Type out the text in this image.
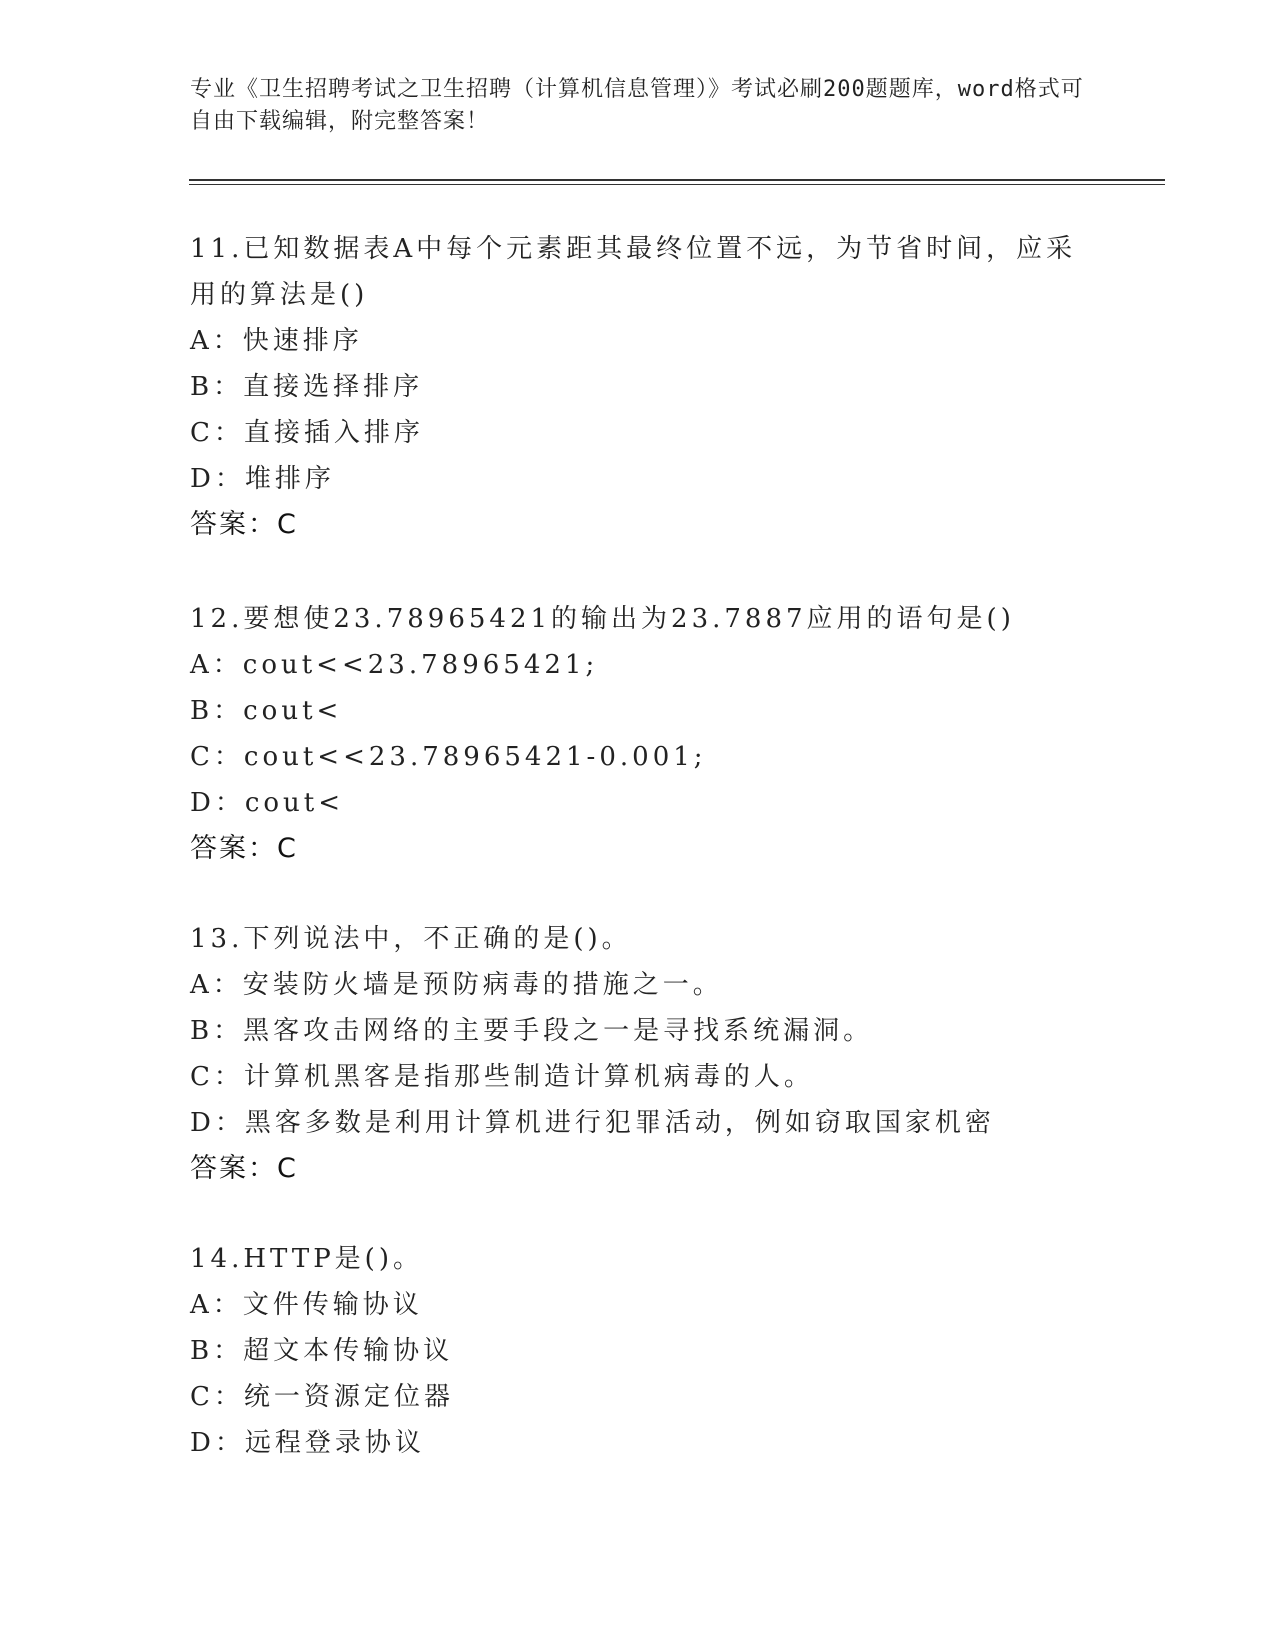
专业《卫生招聘考试之卫生招聘（计算机信息管理）》考试必刷200题题库，word格式可自由下载编辑，附完整答案！

11.已知数据表A中每个元素距其最终位置不远，为节省时间，应采用的算法是()

A：快速排序

B：直接选择排序

C：直接插入排序

D：堆排序

答案：C

12.要想使23.78965421的输出为23.7887应用的语句是()

A：cout<<23.78965421;

B：cout<

C：cout<<23.78965421-0.001;

D：cout<

答案：C

13.下列说法中，不正确的是()。

A：安装防火墙是预防病毒的措施之一。

B：黑客攻击网络的主要手段之一是寻找系统漏洞。

C：计算机黑客是指那些制造计算机病毒的人。

D：黑客多数是利用计算机进行犯罪活动，例如窃取国家机密

答案：C

14.HTTP是()。

A：文件传输协议

B：超文本传输协议

C：统一资源定位器

D：远程登录协议
